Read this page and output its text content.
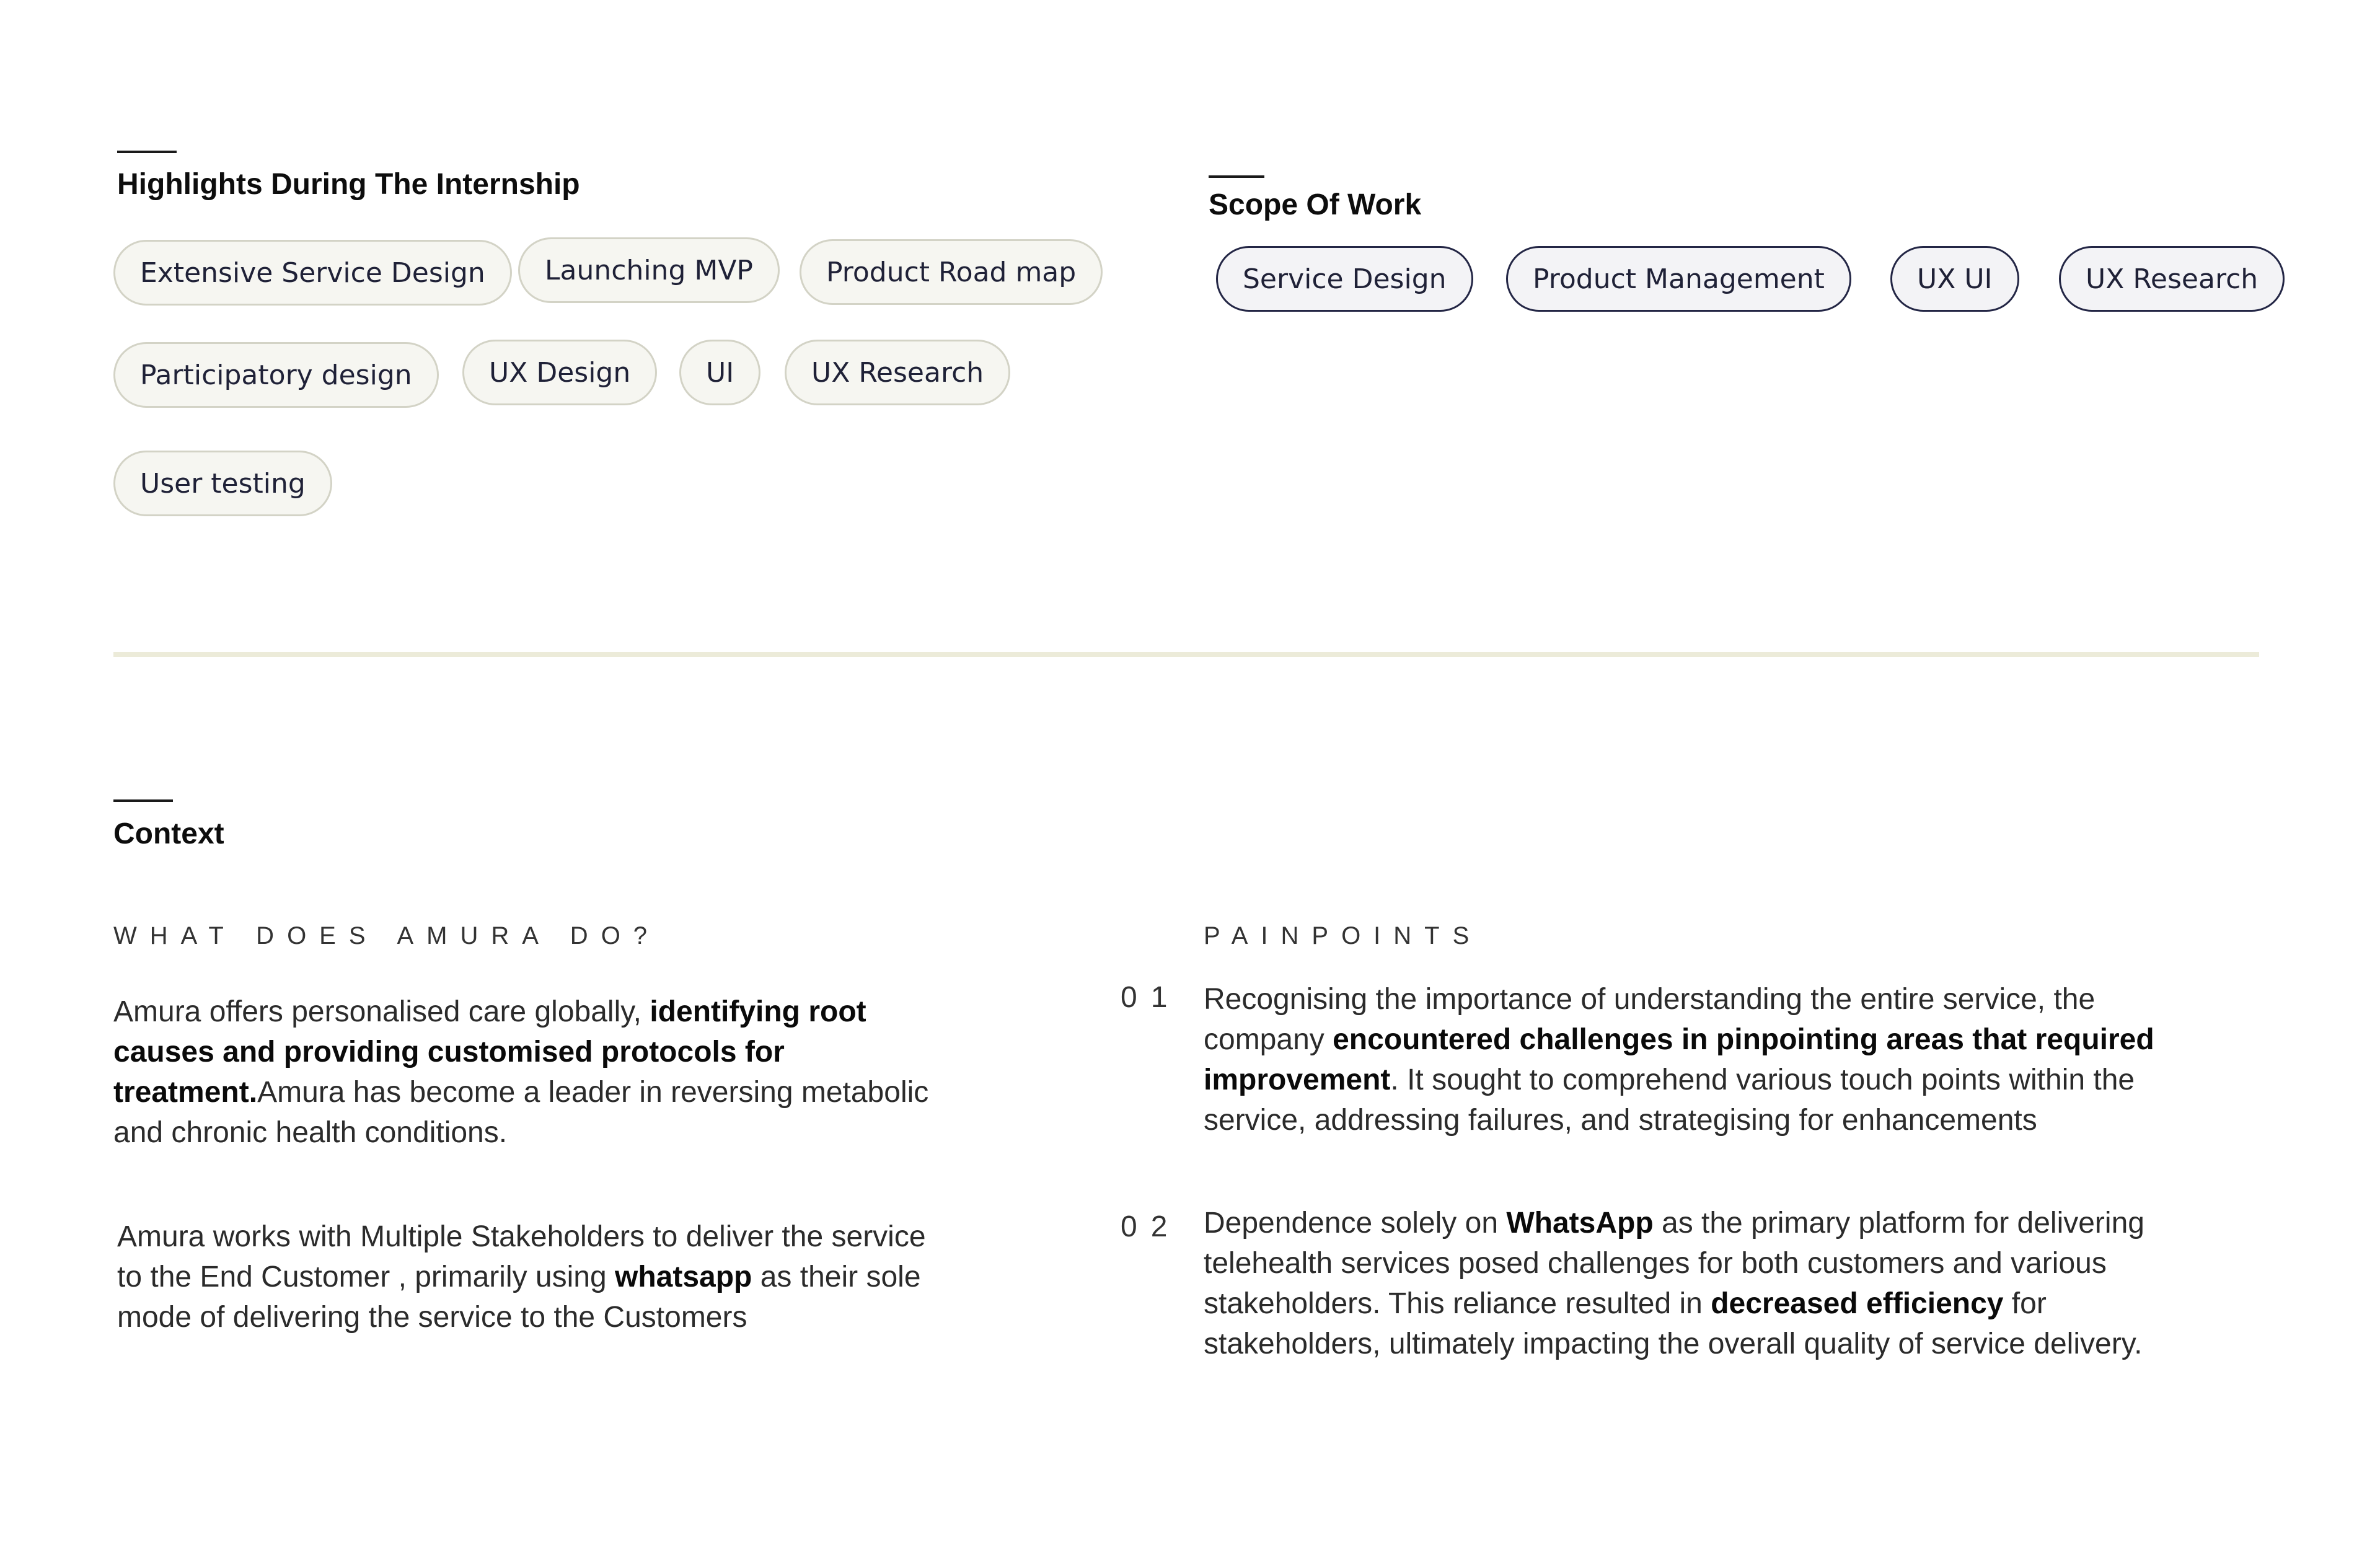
Highlights During The Internship
Extensive Service Design	Launching MVP	Product Road map
Participatory design	UX Design	UI	UX Research
User testing
Scope Of Work
Service Design	Product Management	UX UI	UX Research
Context
WHAT DOES AMURA DO?

Amura offers personalised care globally, identifying root causes and providing customised protocols for treatment.Amura has become a leader in reversing metabolic and chronic health conditions.

Amura works with Multiple Stakeholders to deliver the service to the End Customer , primarily using whatsapp as their sole mode of delivering the service to the Customers

PAINPOINTS
01 Recognising the importance of understanding the entire service, the company encountered challenges in pinpointing areas that required improvement. It sought to comprehend various touch points within the service, addressing failures, and strategising for enhancements

02 Dependence solely on WhatsApp as the primary platform for delivering telehealth services posed challenges for both customers and various stakeholders. This reliance resulted in decreased efficiency for stakeholders, ultimately impacting the overall quality of service delivery.
